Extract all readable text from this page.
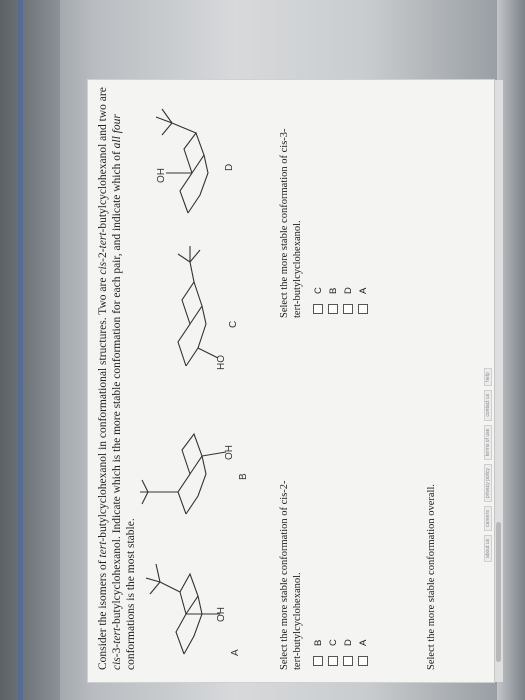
Consider the isomers of tert-butylcyclohexanol in conformational structures. Two are cis-2-tert-butylcyclohexanol and two are cis-3-tert-butylcyclohexanol. Indicate which is the more stable conformation for each pair, and indicate which of all four conformations is the most stable.	OH
A
OH
B
HO
C
OH
D
Select the more stable conformation of cis-2-tert-butylcyclohexanol. B C D A
Select the more stable conformation of cis-3-tert-butylcyclohexanol. C B D A
Select the more stable conformation overall.	about us
careers
privacy policy
terms of use
contact us
help
